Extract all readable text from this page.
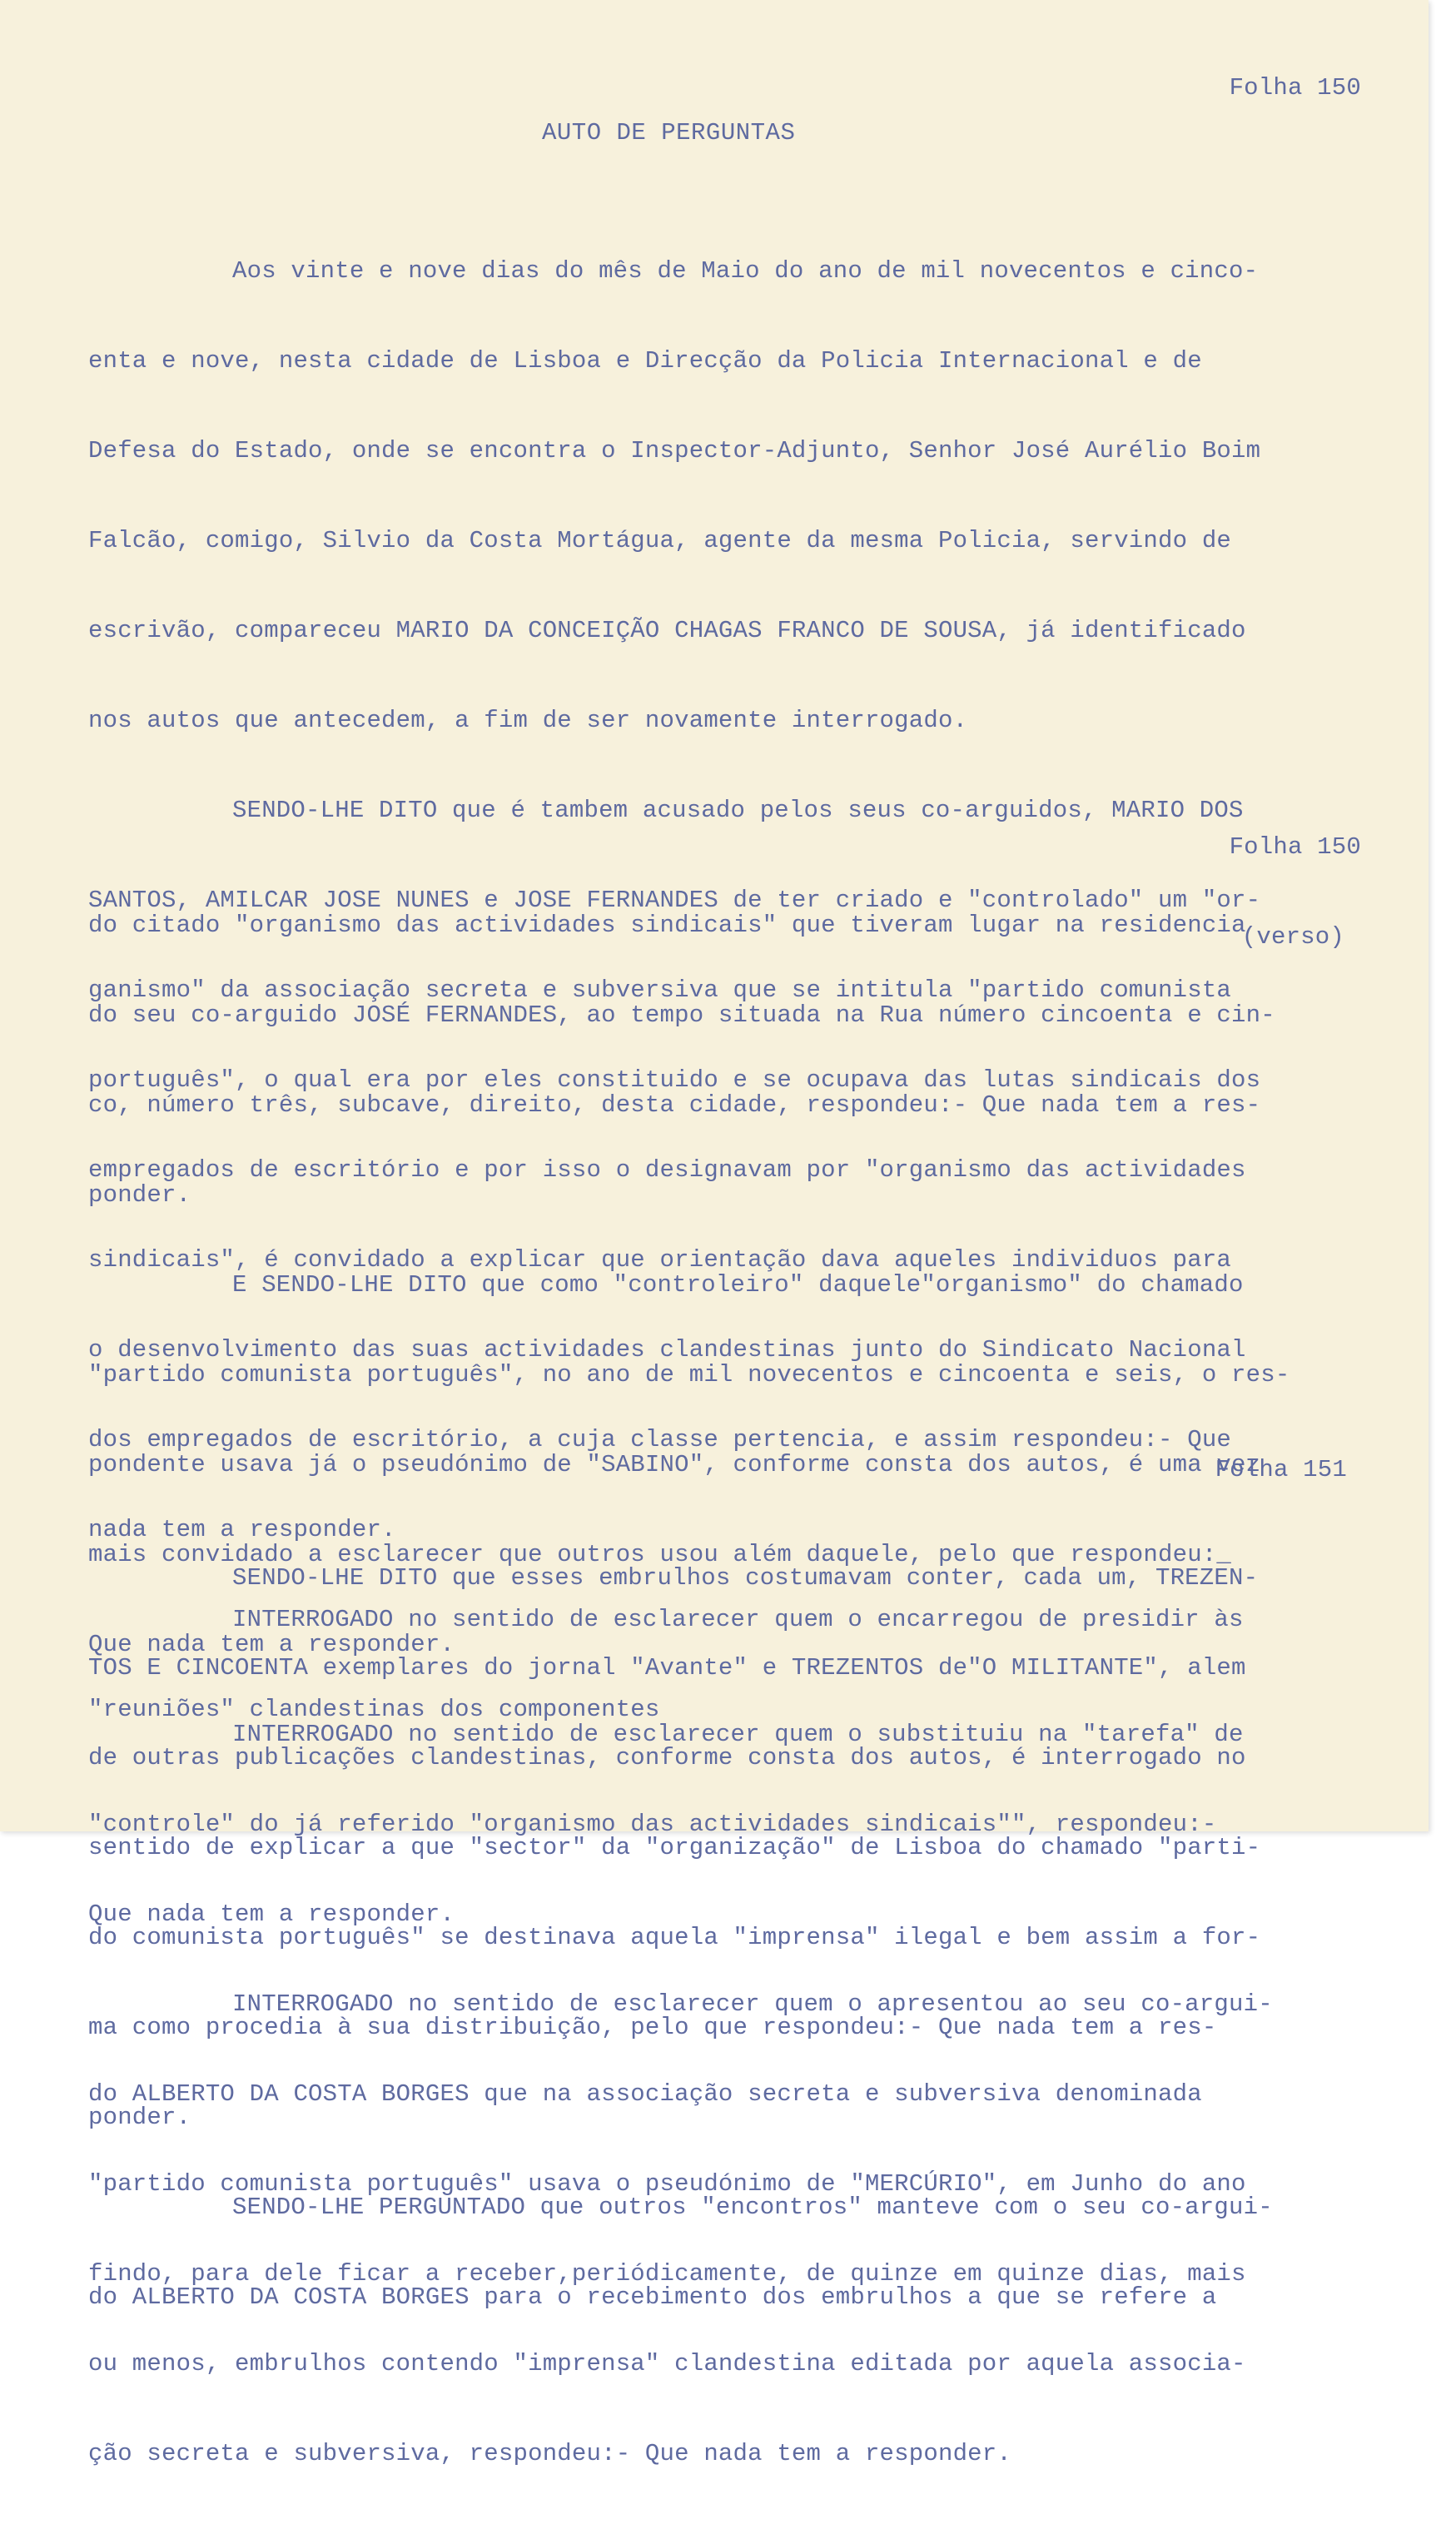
Folha 150
AUTO DE PERGUNTAS

Aos vinte e nove dias do mês de Maio do ano de mil novecentos e cinco-

enta e nove, nesta cidade de Lisboa e Direcção da Policia Internacional e de

Defesa do Estado, onde se encontra o Inspector-Adjunto, Senhor José Aurélio Boim

Falcão, comigo, Silvio da Costa Mortágua, agente da mesma Policia, servindo de

escrivão, compareceu MARIO DA CONCEIÇÃO CHAGAS FRANCO DE SOUSA, já identificado

nos autos que antecedem, a fim de ser novamente interrogado.

SENDO-LHE DITO que é tambem acusado pelos seus co-arguidos, MARIO DOS

SANTOS, AMILCAR JOSE NUNES e JOSE FERNANDES de ter criado e "controlado" um "or-

ganismo" da associação secreta e subversiva que se intitula "partido comunista

português", o qual era por eles constituido e se ocupava das lutas sindicais dos

empregados de escritório e por isso o designavam por "organismo das actividades

sindicais", é convidado a explicar que orientação dava aqueles individuos para

o desenvolvimento das suas actividades clandestinas junto do Sindicato Nacional

dos empregados de escritório, a cuja classe pertencia, e assim respondeu:- Que

nada tem a responder.

INTERROGADO no sentido de esclarecer quem o encarregou de presidir às

"reuniões" clandestinas dos componentes

Folha 150

(verso)

do citado "organismo das actividades sindicais" que tiveram lugar na residencia

do seu co-arguido JOSÉ FERNANDES, ao tempo situada na Rua número cincoenta e cin-

co, número três, subcave, direito, desta cidade, respondeu:- Que nada tem a res-

ponder.

E SENDO-LHE DITO que como "controleiro" daquele"organismo" do chamado

"partido comunista português", no ano de mil novecentos e cincoenta e seis, o res-

pondente usava já o pseudónimo de "SABINO", conforme consta dos autos, é uma vez

mais convidado a esclarecer que outros usou além daquele, pelo que respondeu:_

Que nada tem a responder.

INTERROGADO no sentido de esclarecer quem o substituiu na "tarefa" de

"controle" do já referido "organismo das actividades sindicais"", respondeu:-

Que nada tem a responder.

INTERROGADO no sentido de esclarecer quem o apresentou ao seu co-argui-

do ALBERTO DA COSTA BORGES que na associação secreta e subversiva denominada

"partido comunista português" usava o pseudónimo de "MERCÚRIO", em Junho do ano

findo, para dele ficar a receber,periódicamente, de quinze em quinze dias, mais

ou menos, embrulhos contendo "imprensa" clandestina editada por aquela associa-

ção secreta e subversiva, respondeu:- Que nada tem a responder.

Folha 151

SENDO-LHE DITO que esses embrulhos costumavam conter, cada um, TREZEN-

TOS E CINCOENTA exemplares do jornal "Avante" e TREZENTOS de"O MILITANTE", alem

de outras publicações clandestinas, conforme consta dos autos, é interrogado no

sentido de explicar a que "sector" da "organização" de Lisboa do chamado "parti-

do comunista português" se destinava aquela "imprensa" ilegal e bem assim a for-

ma como procedia à sua distribuição, pelo que respondeu:- Que nada tem a res-

ponder.

SENDO-LHE PERGUNTADO que outros "encontros" manteve com o seu co-argui-

do ALBERTO DA COSTA BORGES para o recebimento dos embrulhos a que se refere a
